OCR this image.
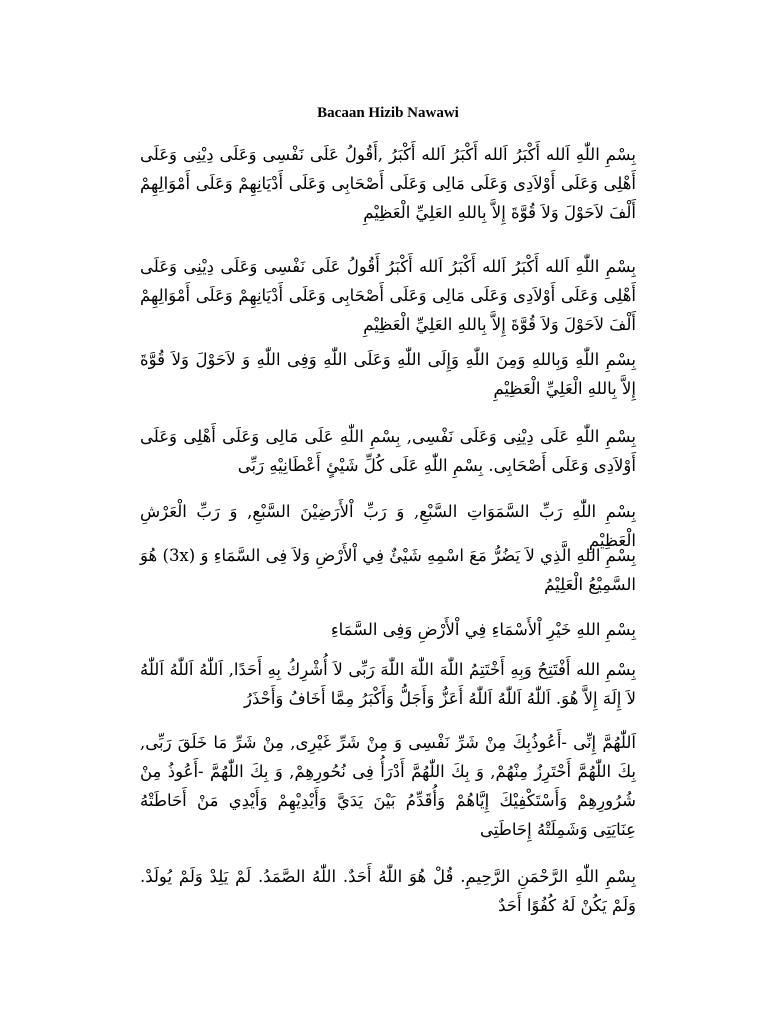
Bacaan Hizib Nawawi
بِسْمِ اللّٰهِ اَلله أَكْبَرُ اَلله أَكْبَرُ اَلله أَكْبَرُ ,أَقُولُ عَلَى نَفْسِى وَعَلَى دِيْنِى وَعَلَى أَهْلِى وَعَلَى أَوْلاَدِى وَعَلَى مَالِى وَعَلَى أَصْحَابِى وَعَلَى أَدْيَانِهِمْ وَعَلَى أَمْوَالِهِمْ أَلْفَ لاَحَوْلَ وَلاَ قُوَّةَ إِلاَّ بِاللهِ العَلِيِّ الْعَظِيْمِ
بِسْمِ اللّٰهِ اَلله أَكْبَرُ اَلله أَكْبَرُ اَلله أَكْبَرُ أَقُولُ عَلَى نَفْسِى وَعَلَى دِيْنِى وَعَلَى أَهْلِى وَعَلَى أَوْلاَدِى وَعَلَى مَالِى وَعَلَى أَصْحَابِى وَعَلَى أَدْيَانِهِمْ وَعَلَى أَمْوَالِهِمْ أَلْفَ لاَحَوْلَ وَلاَ قُوَّةَ إِلاَّ بِاللهِ العَلِيِّ الْعَظِيْمِ
بِسْمِ اللّٰهِ وَبِاللهِ وَمِنَ اللّٰهِ وَإِلَى اللّٰهِ وَعَلَى اللّٰهِ وَفِى اللّٰهِ وَ لاَحَوْلَ وَلاَ قُوَّةَ إِلاَّ بِاللهِ الْعَلِيِّ الْعَظِيْمِ
بِسْمِ اللّٰهِ عَلَى دِيْنِى وَعَلَى نَفْسِى, بِسْمِ اللّٰهِ عَلَى مَالِى وَعَلَى أَهْلِى وَعَلَى أَوْلاَدِى وَعَلَى أَصْحَابِى. بِسْمِ اللّٰهِ عَلَى كُلِّ شَيْئٍ أَعْطَانِيْهِ رَبِّى
بِسْمِ اللّٰهِ رَبِّ السَّمَوَاتِ السَّبْعِ, وَ رَبِّ اْلأَرَضِيْنَ السَّبْعِ, وَ رَبِّ الْعَرْشِ الْعَظِيْمِ
بِسْمِ اللهِ الَّذِي لاَ يَضُرُّ مَعَ اسْمِهِ شَيْئٌ فِي اْلأَرْضِ وَلاَ فِى السَّمَاءِ وَ (3x) هُوَ السَّمِيْعُ الْعَلِيْمُ
بِسْمِ اللهِ خَيْرِ اْلأَسْمَاءِ فِي اْلأَرْضِ وَفِى السَّمَاءِ
بِسْمِ الله أَفْتَتِحُ وَبِهِ أَخْتَتِمُ اللّٰهَ اللّٰهَ اللّٰهَ رَبِّى لاَ أُشْرِكُ بِهِ أَحَدًا, اَللّٰهُ اَللّٰهُ اَللّٰهُ لاَ إِلَهَ إِلاَّ هُوَ. اَللّٰهُ اَللّٰهُ اَللّٰهُ أَعَزُّ وَأَجَلُّ وَأَكْبَرُ مِمَّا أَخَافُ وَأَحْذَرُ
اَللّٰهُمَّ إِنِّى -أَعُوذُبِكَ مِنْ شَرِّ نَفْسِى وَ مِنْ شَرِّ غَيْرِى, مِنْ شَرِّ مَا خَلَقَ رَبِّى, بِكَ اللّٰهُمَّ أَحْتَرِزُ مِنْهُمْ, وَ بِكَ اللّٰهُمَّ أَدْرَأُ فِى نُحُورِهِمْ, وَ بِكَ اللّٰهُمَّ -أَعُوذُ مِنْ شُرُورِهِمْ وَأَسْتَكْفِيْكَ إِيَّاهُمْ وَأُقَدِّمُ بَيْنَ يَدَيَّ وَأَيْدِيْهِمْ وَأَيْدِي مَنْ أَحَاطَتْهُ عِنَايَتِى وَشَمِلَتْهُ إِحَاطَتِى
بِسْمِ اللّٰهِ الرَّحْمَنِ الرَّحِيمِ. قُلْ هُوَ اللّٰهُ أَحَدٌ. اللّٰهُ الصَّمَدُ. لَمْ يَلِدْ وَلَمْ يُولَدْ. وَلَمْ يَكُنْ لَهُ كُفُوًا أَحَدٌ
